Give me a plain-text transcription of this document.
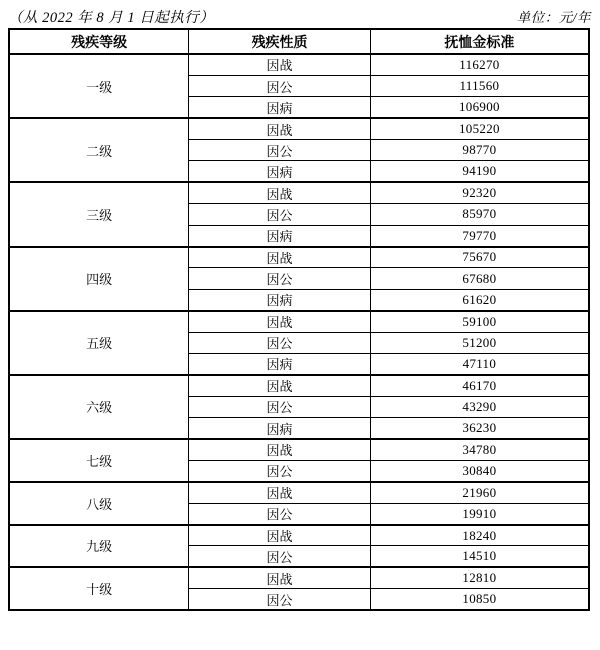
（从 2022 年 8 月 1 日起执行）	单位：元/年
残疾等级	残疾性质	抚恤金标准
一级	因战	116270
	因公	111560
	因病	106900
二级	因战	105220
	因公	98770
	因病	94190
三级	因战	92320
	因公	85970
	因病	79770
四级	因战	75670
	因公	67680
	因病	61620
五级	因战	59100
	因公	51200
	因病	47110
六级	因战	46170
	因公	43290
	因病	36230
七级	因战	34780
	因公	30840
八级	因战	21960
	因公	19910
九级	因战	18240
	因公	14510
十级	因战	12810
	因公	10850
